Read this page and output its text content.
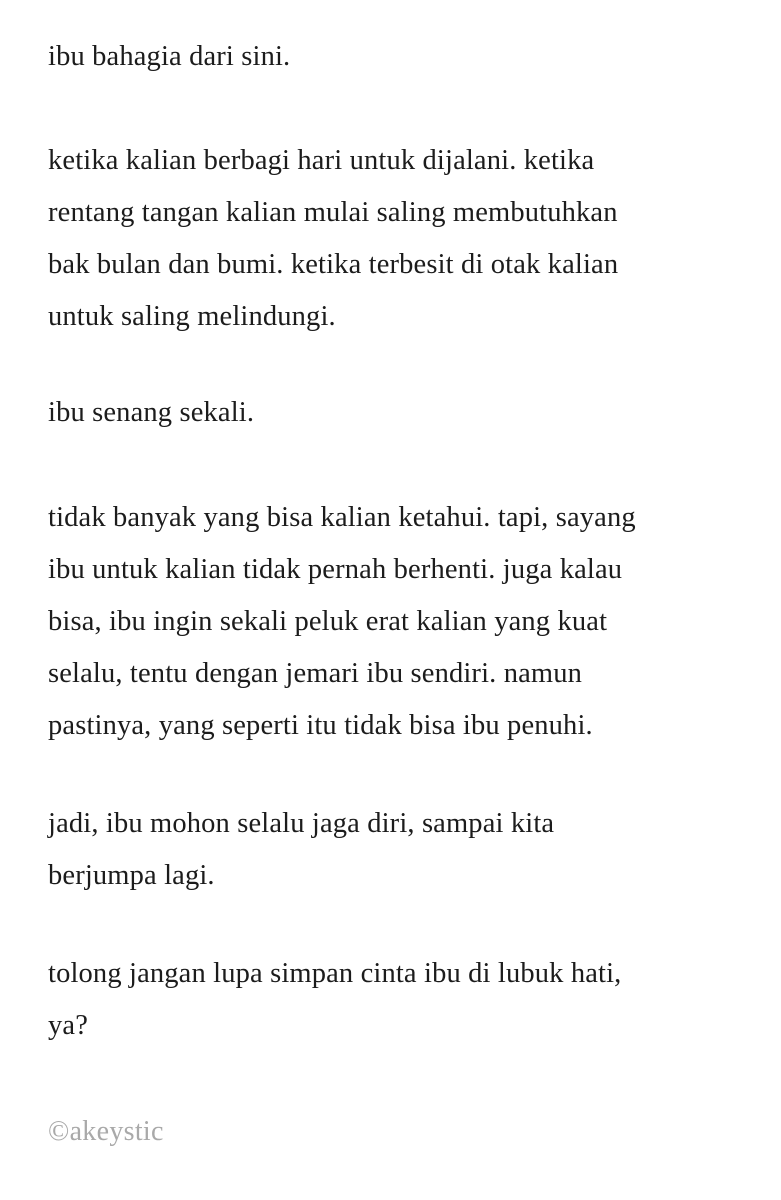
ibu bahagia dari sini.

ketika kalian berbagi hari untuk dijalani. ketika
rentang tangan kalian mulai saling membutuhkan
bak bulan dan bumi. ketika terbesit di otak kalian
untuk saling melindungi.

ibu senang sekali.

tidak banyak yang bisa kalian ketahui. tapi, sayang
ibu untuk kalian tidak pernah berhenti. juga kalau
bisa, ibu ingin sekali peluk erat kalian yang kuat
selalu, tentu dengan jemari ibu sendiri. namun
pastinya, yang seperti itu tidak bisa ibu penuhi.

jadi, ibu mohon selalu jaga diri, sampai kita
berjumpa lagi.

tolong jangan lupa simpan cinta ibu di lubuk hati,
ya?

©akeystic
